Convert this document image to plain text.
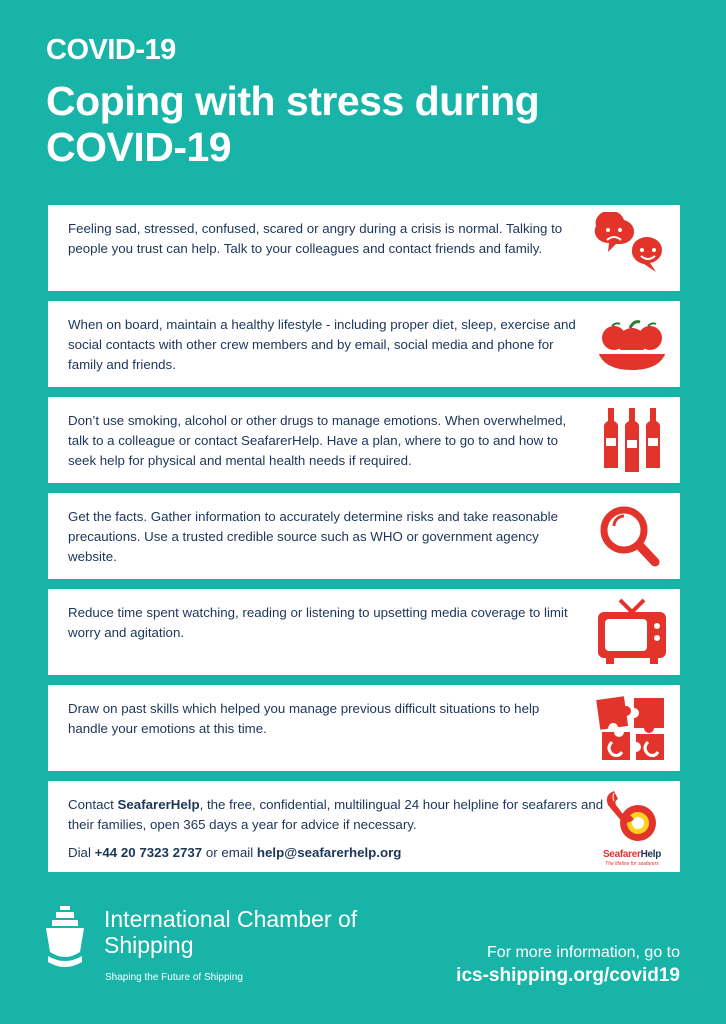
COVID-19
Coping with stress during COVID-19
Feeling sad, stressed, confused, scared or angry during a crisis is normal. Talking to people you trust can help. Talk to your colleagues and contact friends and family.
When on board, maintain a healthy lifestyle - including proper diet, sleep, exercise and social contacts with other crew members and by email, social media and phone for family and friends.
Don’t use smoking, alcohol or other drugs to manage emotions. When overwhelmed, talk to a colleague or contact SeafarerHelp. Have a plan, where to go to and how to seek help for physical and mental health needs if required.
Get the facts. Gather information to accurately determine risks and take reasonable precautions. Use a trusted credible source such as WHO or government agency website.
Reduce time spent watching, reading or listening to upsetting media coverage to limit worry and agitation.
Draw on past skills which helped you manage previous difficult situations to help handle your emotions at this time.

Contact SeafarerHelp, the free, confidential, multilingual 24 hour helpline for seafarers and their families, open 365 days a year for advice if necessary.

Dial +44 20 7323 2737 or email help@seafarerhelp.org	SeafarerHelp
The lifeline for seafarers
International Chamber of Shipping
Shaping the Future of Shipping
For more information, go to
ics-shipping.org/covid19
